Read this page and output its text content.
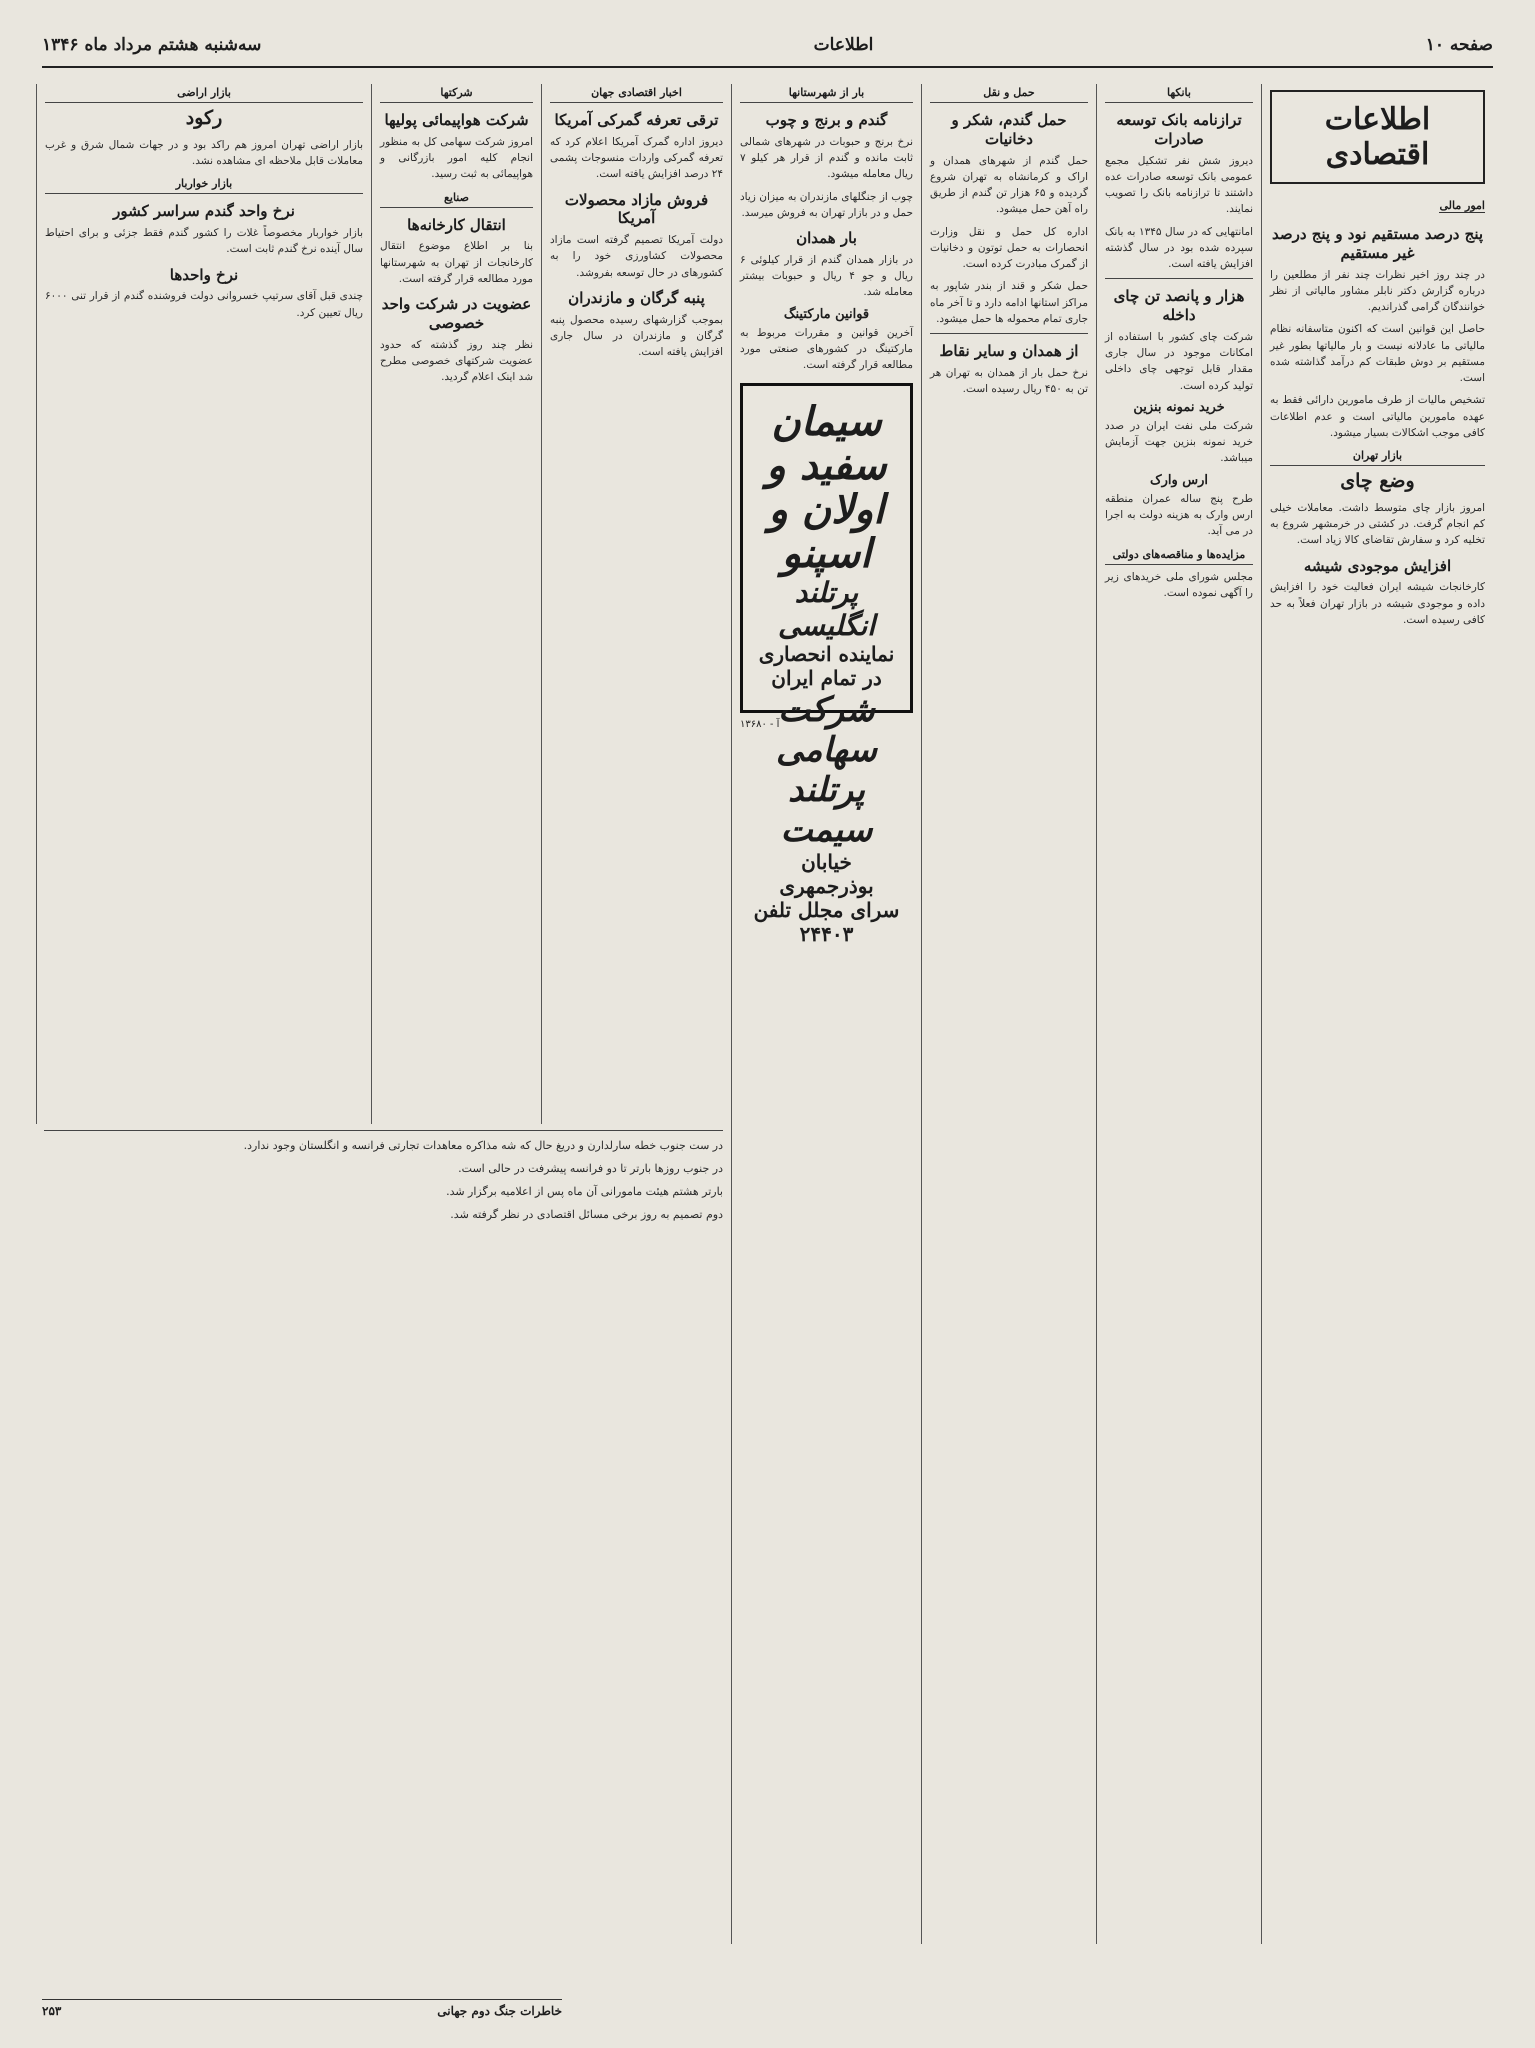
صفحه ۱۰
اطلاعات
سه‌شنبه هشتم مرداد ماه ۱۳۴۶
اطلاعات اقتصادی
امور مالی
پنج درصد مستقیم نود و پنج درصد غیر مستقیم

در چند روز اخیر نظرات چند نفر از مطلعین را درباره گزارش دکتر نابلر مشاور مالیاتی از نظر خوانندگان گرامی گذراندیم.

حاصل این قوانین است که اکنون متاسفانه نظام مالیاتی ما عادلانه نیست و بار مالیاتها بطور غیر مستقیم بر دوش طبقات کم درآمد گذاشته شده است.

تشخیص مالیات از طرف مامورین دارائی فقط به عهده مامورین مالیاتی است و عدم اطلاعات کافی موجب اشکالات بسیار میشود.

بازار تهران
وضع چای

امروز بازار چای متوسط داشت. معاملات خیلی کم انجام گرفت. در کشتی در خرمشهر شروع به تخلیه کرد و سفارش تقاضای کالا زیاد است.

افزایش موجودی شیشه

کارخانجات شیشه ایران فعالیت خود را افزایش داده و موجودی شیشه در بازار تهران فعلاً به حد کافی رسیده است.

بانکها
ترازنامه بانک توسعه صادرات

دیروز شش نفر تشکیل مجمع عمومی بانک توسعه صادرات عده داشتند تا ترازنامه بانک را تصویب نمایند.

امانتهایی که در سال ۱۳۴۵ به بانک سپرده شده بود در سال گذشته افزایش یافته است.

هزار و پانصد تن چای داخله

شرکت چای کشور با استفاده از امکانات موجود در سال جاری مقدار قابل توجهی چای داخلی تولید کرده است.

خرید نمونه بنزین

شرکت ملی نفت ایران در صدد خرید نمونه بنزین جهت آزمایش میباشد.

ارس وارک

طرح پنج ساله عمران منطقه ارس وارک به هزینه دولت به اجرا در می آید.

مزایده‌ها و مناقصه‌های دولتی

مجلس شورای ملی خریدهای زیر را آگهی نموده است.

حمل و نقل
حمل گندم، شکر و دخانیات

حمل گندم از شهرهای همدان و اراک و کرمانشاه به تهران شروع گردیده و ۶۵ هزار تن گندم از طریق راه آهن حمل میشود.

اداره کل حمل و نقل وزارت انحصارات به حمل توتون و دخانیات از گمرک مبادرت کرده است.

حمل شکر و قند از بندر شاپور به مراکز استانها ادامه دارد و تا آخر ماه جاری تمام محموله ها حمل میشود.

از همدان و سایر نقاط

نرخ حمل بار از همدان به تهران هر تن به ۴۵۰ ریال رسیده است.

بار از شهرستانها
گندم و برنج و چوب

نرخ برنج و حبوبات در شهرهای شمالی ثابت مانده و گندم از قرار هر کیلو ۷ ریال معامله میشود.

چوب از جنگلهای مازندران به میزان زیاد حمل و در بازار تهران به فروش میرسد.

بار همدان

در بازار همدان گندم از قرار کیلوئی ۶ ریال و جو ۴ ریال و حبوبات بیشتر معامله شد.

قوانین مارکتینگ

آخرین قوانین و مقررات مربوط به مارکتینگ در کشورهای صنعتی مورد مطالعه قرار گرفته است.

سیمان سفید و اولان و اسپنو
پرتلند انگلیسی
نماینده انحصاری در تمام ایران
شرکت سهامی پرتلند سیمت
خیابان بوذرجمهری سرای مجلل تلفن ۲۴۴۰۳
آ - ۱۳۶۸۰
اخبار اقتصادی جهان
ترقی تعرفه گمرکی آمریکا

دیروز اداره گمرک آمریکا اعلام کرد که تعرفه گمرکی واردات منسوجات پشمی ۲۴ درصد افزایش یافته است.

فروش مازاد محصولات آمریکا

دولت آمریکا تصمیم گرفته است مازاد محصولات کشاورزی خود را به کشورهای در حال توسعه بفروشد.

پنبه گرگان و مازندران

بموجب گزارشهای رسیده محصول پنبه گرگان و مازندران در سال جاری افزایش یافته است.

شرکتها
شرکت هواپیمائی پولیها

امروز شرکت سهامی کل به منظور انجام کلیه امور بازرگانی و هواپیمائی به ثبت رسید.

صنایع
انتقال کارخانه‌ها

بنا بر اطلاع موضوع انتقال کارخانجات از تهران به شهرستانها مورد مطالعه قرار گرفته است.

عضویت در شرکت واحد خصوصی

نظر چند روز گذشته که حدود عضویت شرکتهای خصوصی مطرح شد اینک اعلام گردید.

بازار اراضی
رکود

بازار اراضی تهران امروز هم راکد بود و در جهات شمال شرق و غرب معاملات قابل ملاحظه ای مشاهده نشد.

بازار خواربار
نرخ واحد گندم سراسر کشور

بازار خواربار مخصوصاً غلات را کشور گندم فقط جزئی و برای احتیاط سال آینده نرخ گندم ثابت است.

نرخ واحدها

چندی قبل آقای سرتیپ خسروانی دولت فروشنده گندم از قرار تنی ۶۰۰۰ ریال تعیین کرد.

در ست جنوب خطه سارلدارن و دریغ حال که شه مذاکره معاهدات تجارتی فرانسه و انگلستان وجود ندارد.

در جنوب روزها بارتر تا دو فرانسه پیشرفت در حالی است.

بارتر هشتم هیئت مامورانی آن ماه پس از اعلامیه برگزار شد.

دوم تصمیم به روز برخی مسائل اقتصادی در نظر گرفته شد.

خاطرات جنگ دوم جهانی
۲۵۳
